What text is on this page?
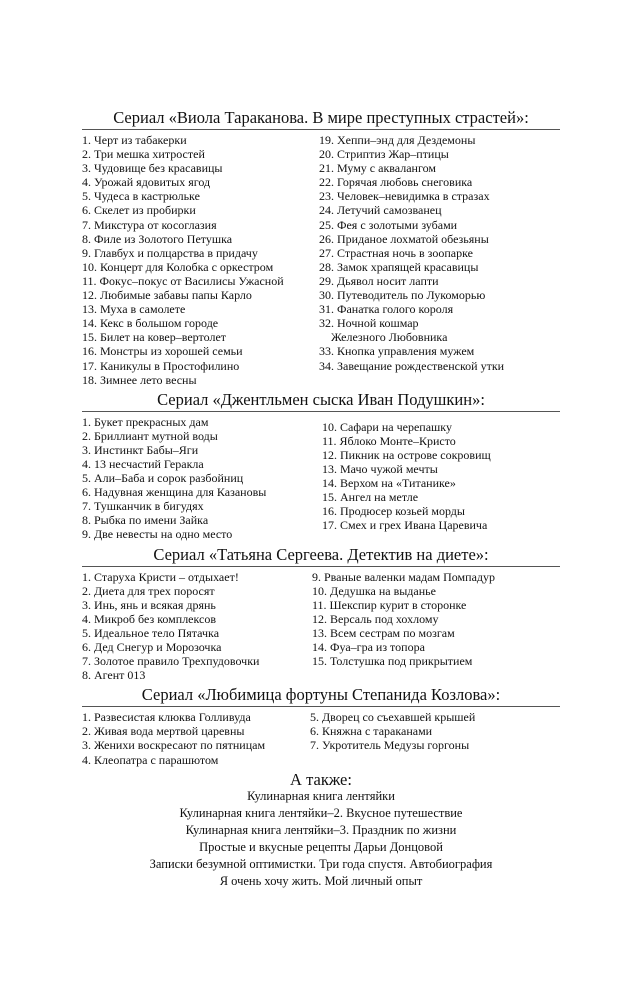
Сериал «Виола Тараканова. В мире преступных страстей»:
1. Черт из табакерки
2. Три мешка хитростей
3. Чудовище без красавицы
4. Урожай ядовитых ягод
5. Чудеса в кастрюльке
6. Скелет из пробирки
7. Микстура от косоглазия
8. Филе из Золотого Петушка
9. Главбух и полцарства в придачу
10. Концерт для Колобка с оркестром
11. Фокус–покус от Василисы Ужасной
12. Любимые забавы папы Карло
13. Муха в самолете
14. Кекс в большом городе
15. Билет на ковер–вертолет
16. Монстры из хорошей семьи
17. Каникулы в Простофилино
18. Зимнее лето весны
19. Хеппи–энд для Дездемоны
20. Стриптиз Жар–птицы
21. Муму с аквалангом
22. Горячая любовь снеговика
23. Человек–невидимка в стразах
24. Летучий самозванец
25. Фея с золотыми зубами
26. Приданое лохматой обезьяны
27. Страстная ночь в зоопарке
28. Замок храпящей красавицы
29. Дьявол носит лапти
30. Путеводитель по Лукоморью
31. Фанатка голого короля
32. Ночной кошмар
Железного Любовника
33. Кнопка управления мужем
34. Завещание рождественской утки
Сериал «Джентльмен сыска Иван Подушкин»:
1. Букет прекрасных дам
2. Бриллиант мутной воды
3. Инстинкт Бабы–Яги
4. 13 несчастий Геракла
5. Али–Баба и сорок разбойниц
6. Надувная женщина для Казановы
7. Тушканчик в бигудях
8. Рыбка по имени Зайка
9. Две невесты на одно место
10. Сафари на черепашку
11. Яблоко Монте–Кристо
12. Пикник на острове сокровищ
13. Мачо чужой мечты
14. Верхом на «Титанике»
15. Ангел на метле
16. Продюсер козьей морды
17. Смех и грех Ивана Царевича
Сериал «Татьяна Сергеева. Детектив на диете»:
1. Старуха Кристи – отдыхает!
2. Диета для трех поросят
3. Инь, янь и всякая дрянь
4. Микроб без комплексов
5. Идеальное тело Пятачка
6. Дед Снегур и Морозочка
7. Золотое правило Трехпудовочки
8. Агент 013
9. Рваные валенки мадам Помпадур
10. Дедушка на выданье
11. Шекспир курит в сторонке
12. Версаль под хохлому
13. Всем сестрам по мозгам
14. Фуа–гра из топора
15. Толстушка под прикрытием
Сериал «Любимица фортуны Степанида Козлова»:
1. Развесистая клюква Голливуда
2. Живая вода мертвой царевны
3. Женихи воскресают по пятницам
4. Клеопатра с парашютом
5. Дворец со съехавшей крышей
6. Княжна с тараканами
7. Укротитель Медузы горгоны
А также:
Кулинарная книга лентяйки
Кулинарная книга лентяйки–2. Вкусное путешествие
Кулинарная книга лентяйки–3. Праздник по жизни
Простые и вкусные рецепты Дарьи Донцовой
Записки безумной оптимистки. Три года спустя. Автобиография
Я очень хочу жить. Мой личный опыт
